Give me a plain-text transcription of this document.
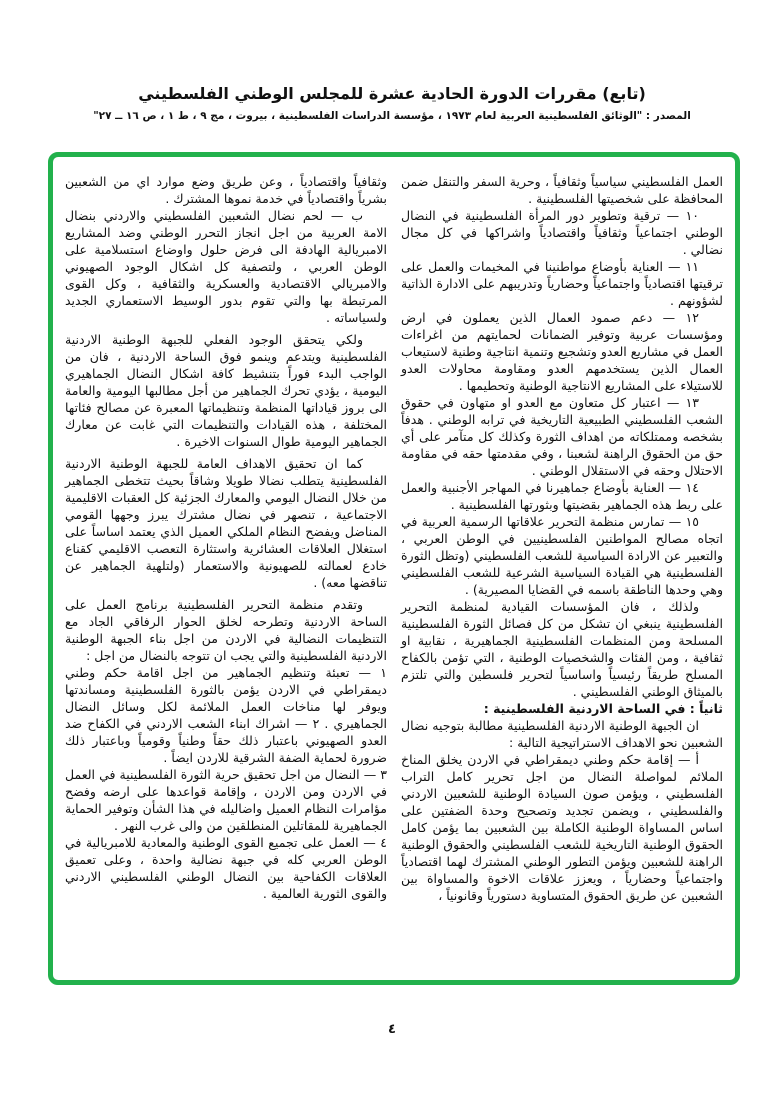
(تابع) مقررات الدورة الحادية عشرة للمجلس الوطني الفلسطيني
المصدر : "الوثائق الفلسطينية العربية لعام ١٩٧٣ ، مؤسسة الدراسات الفلسطينية ، بيروت ، مج ٩ ، ط ١ ، ص ١٦ ــ ٢٧"

العمل الفلسطيني سياسياً وثقافياً ، وحرية السفر والتنقل ضمن المحافظة على شخصيتها الفلسطينية .

١٠ — ترقية وتطوير دور المرأة الفلسطينية في النضال الوطني اجتماعياً وثقافياً واقتصادياً واشراكها في كل مجال نضالي .

١١ — العناية بأوضاع مواطنينا في المخيمات والعمل على ترقيتها اقتصادياً واجتماعياً وحضارياً وتدريبهم على الادارة الذاتية لشؤونهم .

١٢ — دعم صمود العمال الذين يعملون في ارض ومؤسسات عربية وتوفير الضمانات لحمايتهم من اغراءات العمل في مشاريع العدو وتشجيع وتنمية انتاجية وطنية لاستيعاب العمال الذين يستخدمهم العدو ومقاومة محاولات العدو للاستيلاء على المشاريع الانتاجية الوطنية وتحطيمها .

١٣ — اعتبار كل متعاون مع العدو او متهاون في حقوق الشعب الفلسطيني الطبيعية التاريخية في ترابه الوطني . هدفاً بشخصه وممتلكاته من اهداف الثورة وكذلك كل متآمر على أي حق من الحقوق الراهنة لشعبنا ، وفي مقدمتها حقه في مقاومة الاحتلال وحقه في الاستقلال الوطني .

١٤ — العناية بأوضاع جماهيرنا في المهاجر الأجنبية والعمل على ربط هذه الجماهير بقضيتها وبثورتها الفلسطينية .

١٥ — تمارس منظمة التحرير علاقاتها الرسمية العربية في اتجاه مصالح المواطنين الفلسطينيين في الوطن العربي ، والتعبير عن الارادة السياسية للشعب الفلسطيني (وتظل الثورة الفلسطينية هي القيادة السياسية الشرعية للشعب الفلسطيني وهي وحدها الناطقة باسمه في القضايا المصيرية) .

ولذلك ، فان المؤسسات القيادية لمنظمة التحرير الفلسطينية ينبغي ان تشكل من كل فصائل الثورة الفلسطينية المسلحة ومن المنظمات الفلسطينية الجماهيرية ، نقابية او ثقافية ، ومن الفئات والشخصيات الوطنية ، التي تؤمن بالكفاح المسلح طريقاً رئيسياً واساسياً لتحرير فلسطين والتي تلتزم بالميثاق الوطني الفلسطيني .

ثانياً : في الساحة الاردنية الفلسطينية :

ان الجبهة الوطنية الاردنية الفلسطينية مطالبة بتوجيه نضال الشعبين نحو الاهداف الاستراتيجية التالية :

أ — إقامة حكم وطني ديمقراطي في الاردن يخلق المناخ الملائم لمواصلة النضال من اجل تحرير كامل التراب الفلسطيني ، ويؤمن صون السيادة الوطنية للشعبين الاردني والفلسطيني ، ويضمن تجديد وتصحيح وحدة الضفتين على اساس المساواة الوطنية الكاملة بين الشعبين بما يؤمن كامل الحقوق الوطنية التاريخية للشعب الفلسطيني والحقوق الوطنية الراهنة للشعبين ويؤمن التطور الوطني المشترك لهما اقتصادياً واجتماعياً وحضارياً ، ويعزز علاقات الاخوة والمساواة بين الشعبين عن طريق الحقوق المتساوية دستورياً وقانونياً ،

وثقافياً واقتصادياً ، وعن طريق وضع موارد اي من الشعبين بشرياً واقتصادياً في خدمة نموها المشترك .

ب — لحم نضال الشعبين الفلسطيني والاردني بنضال الامة العربية من اجل انجاز التحرر الوطني وضد المشاريع الامبريالية الهادفة الى فرض حلول واوضاع استسلامية على الوطن العربي ، ولتصفية كل اشكال الوجود الصهيوني والامبريالي الاقتصادية والعسكرية والثقافية ، وكل القوى المرتبطة بها والتي تقوم بدور الوسيط الاستعماري الجديد ولسياساته .

ولكي يتحقق الوجود الفعلي للجبهة الوطنية الاردنية الفلسطينية ويتدعم وينمو فوق الساحة الاردنية ، فان من الواجب البدء فوراً بتنشيط كافة اشكال النضال الجماهيري اليومية ، يؤدي تحرك الجماهير من أجل مطالبها اليومية والعامة الى بروز قياداتها المنظمة وتنظيماتها المعبرة عن مصالح فئاتها المختلفة ، هذه القيادات والتنظيمات التي غابت عن معارك الجماهير اليومية طوال السنوات الاخيرة .

كما ان تحقيق الاهداف العامة للجبهة الوطنية الاردنية الفلسطينية يتطلب نضالا طويلا وشاقاً بحيث تتخطى الجماهير من خلال النضال اليومي والمعارك الجزئية كل العقبات الاقليمية الاجتماعية ، تنصهر في نضال مشترك يبرز وجهها القومي المناضل ويفضح النظام الملكي العميل الذي يعتمد اساساً على استغلال العلاقات العشائرية واستثارة التعصب الاقليمي كقناع خادع لعمالته للصهيونية والاستعمار (ولتلهية الجماهير عن تناقضها معه) .

وتقدم منظمة التحرير الفلسطينية برنامج العمل على الساحة الاردنية وتطرحه لخلق الحوار الرفاقي الجاد مع التنظيمات النضالية في الاردن من اجل بناء الجبهة الوطنية الاردنية الفلسطينية والتي يجب ان تتوجه بالنضال من اجل :

١ — تعبئة وتنظيم الجماهير من اجل اقامة حكم وطني ديمقراطي في الاردن يؤمن بالثورة الفلسطينية ومساندتها ويوفر لها مناخات العمل الملائمة لكل وسائل النضال الجماهيري . ٢ — اشراك ابناء الشعب الاردني في الكفاح ضد العدو الصهيوني باعتبار ذلك حقاً وطنياً وقومياً وباعتبار ذلك ضرورة لحماية الضفة الشرقية للاردن ايضاً .

٣ — النضال من اجل تحقيق حرية الثورة الفلسطينية في العمل في الاردن ومن الاردن ، وإقامة قواعدها على ارضه وفضح مؤامرات النظام العميل واضاليله في هذا الشأن وتوفير الحماية الجماهيرية للمقاتلين المنطلقين من والى غرب النهر .

٤ — العمل على تجميع القوى الوطنية والمعادية للامبريالية في الوطن العربي كله في جبهة نضالية واحدة ، وعلى تعميق العلاقات الكفاحية بين النضال الوطني الفلسطيني الاردني والقوى الثورية العالمية .

٤
